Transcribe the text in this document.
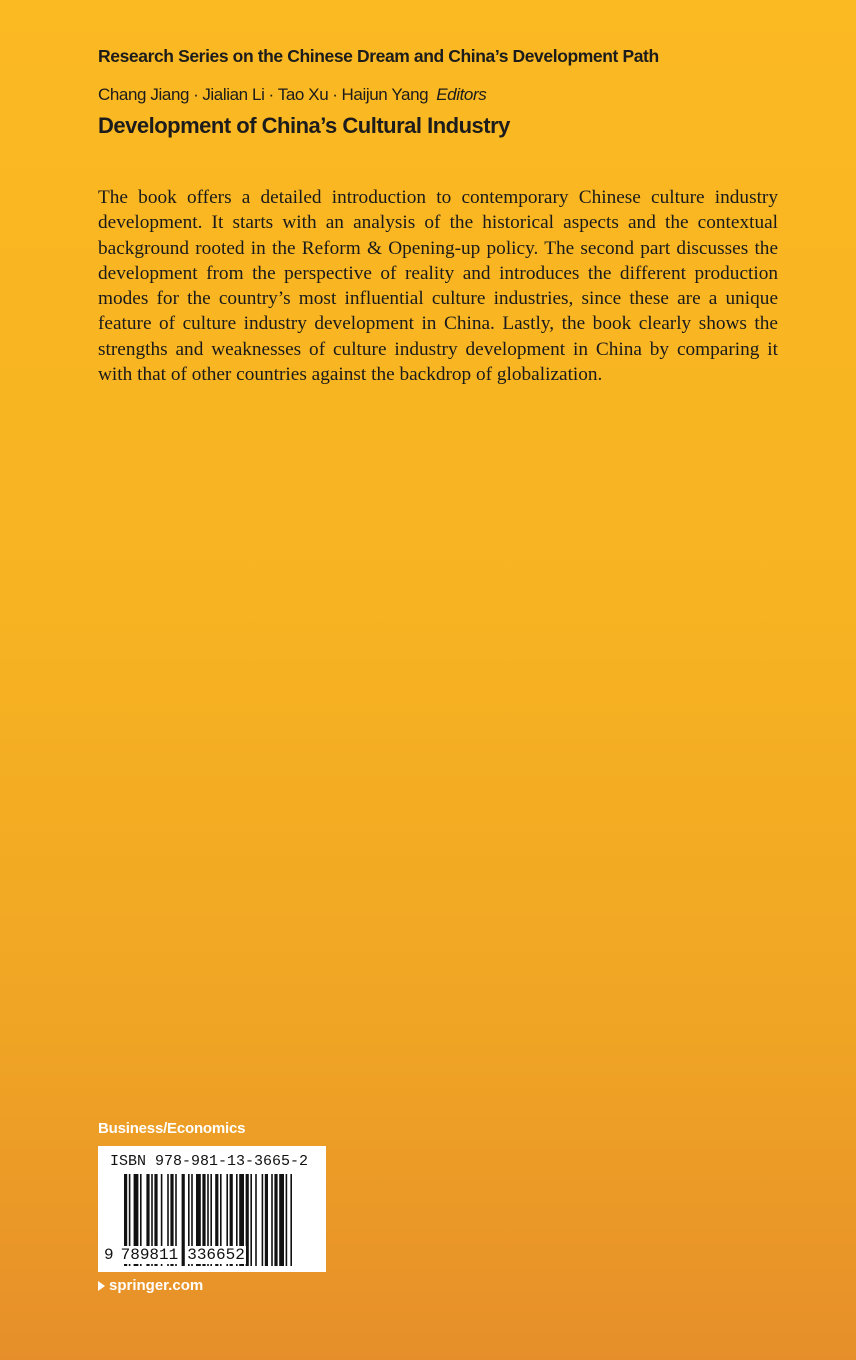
Research Series on the Chinese Dream and China’s Development Path
Chang Jiang · Jialian Li · Tao Xu · Haijun Yang Editors
Development of China’s Cultural Industry

The book offers a detailed introduction to contemporary Chinese culture industry development. It starts with an analysis of the historical aspects and the contextual background rooted in the Reform & Opening-up policy. The second part discusses the development from the perspective of reality and introduces the different production modes for the country’s most influential culture industries, since these are a unique feature of culture industry development in China. Lastly, the book clearly shows the strengths and weaknesses of culture industry development in China by comparing it with that of other countries against the backdrop of globalization.

Business/Economics
ISBN 978-981-13-3665-2
9 789811 336652
springer.com
